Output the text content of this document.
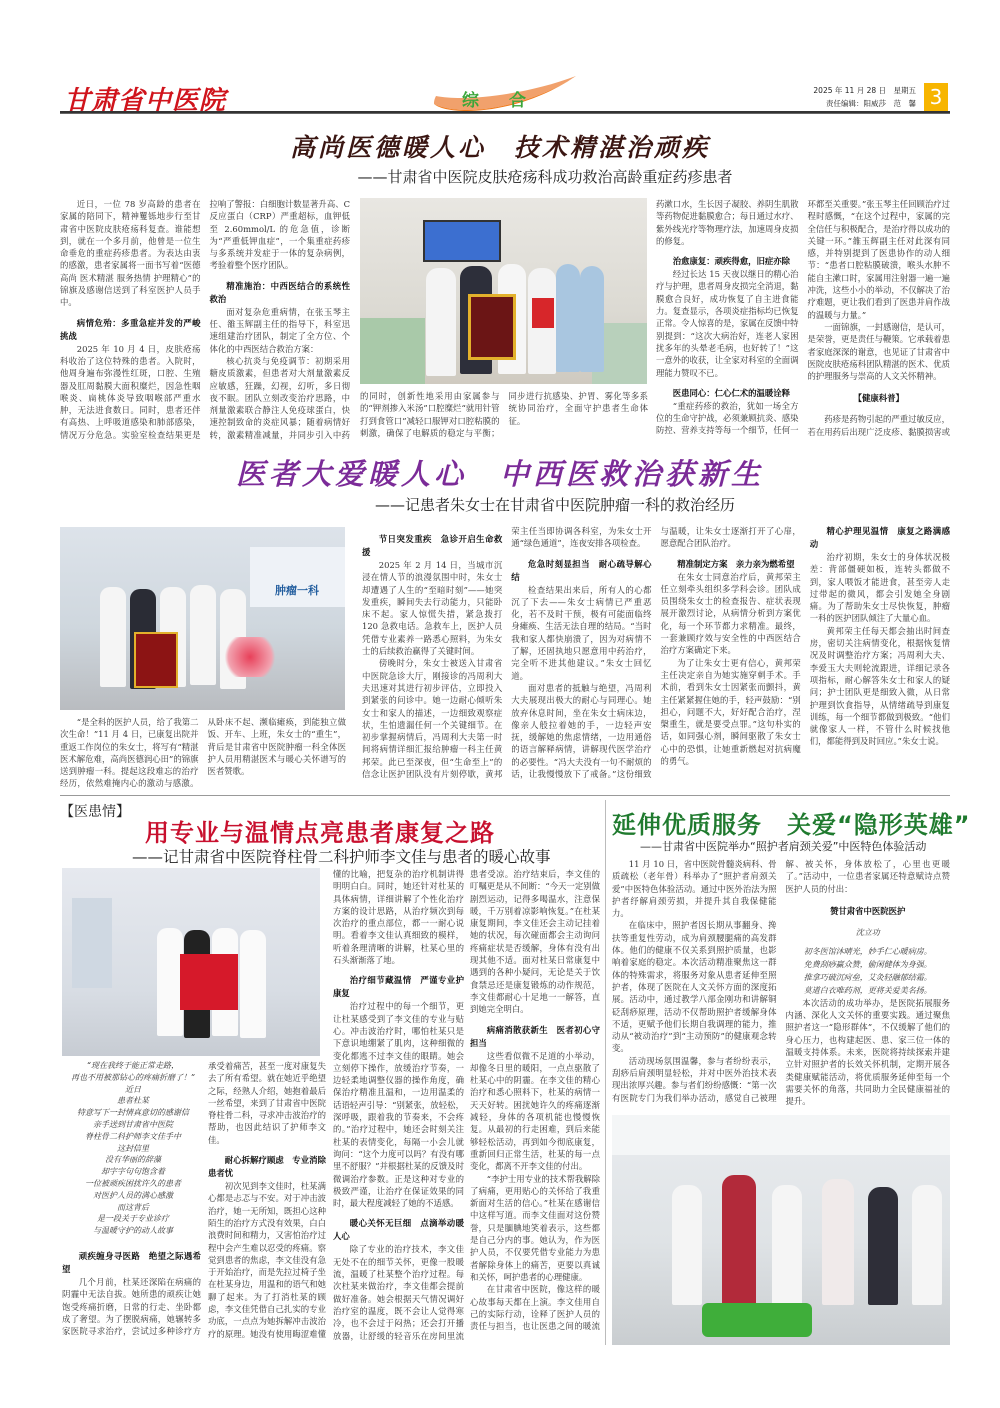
甘肃省中医院	综合
2025 年 11 月 28 日　星期五
责任编辑：阳威莎　范　馨 3
高尚医德暖人心　技术精湛治顽疾
——甘肃省中医院皮肤疮疡科成功救治高龄重症药疹患者

近日，一位 78 岁高龄的患者在家属的陪同下，精神矍铄地步行至甘肃省中医院皮肤疮疡科复查。谁能想到，就在一个多月前，他曾是一位生命垂危的重症药疹患者。为表达由衷的感激，患者家属将一面书写着“医德高尚 医术精湛 服务热情 护理精心”的锦旗及感谢信送到了科室医护人员手中。

病情危殆：多重急症并发的严峻挑战

2025 年 10 月 4 日，皮肤疮疡科收治了这位特殊的患者。入院时，他周身遍布弥漫性红斑，口腔、生殖器及肛周黏膜大面积糜烂，因急性咽喉炎、扁桃体炎导致咽喉部严重水肿，无法进食数日。同时，患者还伴有高热、上呼吸道感染和肺部感染，情况万分危急。实验室检查结果更是拉响了警报：白细胞计数显著升高、C 反应蛋白（CRP）严重超标，血钾低至 2.60mmol/L 的危急值，诊断为“严重低钾血症”，一个集重症药疹与多系统并发症于一体的复杂病例，考验着整个医疗团队。

精准施治：中西医结合的系统性救治

面对复杂危重病情，在张玉琴主任、雒玉辉副主任的指导下，科室迅速组建治疗团队，制定了全方位、个体化的中西医结合救治方案：

核心抗炎与免疫调节：初期采用糖皮质激素，但患者对大剂量激素反应敏感，狂躁，幻视，幻听，多日彻夜不眠。团队立刻改变治疗思路，中剂量激素联合静注人免疫球蛋白，快速控制致命的炎症风暴；随着病情好转，激素精准减量，并同步引入中药

的同时，创新性地采用由家属参与的“钾剂掺入米汤”口腔糜烂“就用针管打到食管口”减轻口服钾对口腔粘膜的刺激，确保了电解质的稳定与平衡；同步进行抗感染、护胃、雾化等多系统协同治疗，全面守护患者生命体征。

药漱口水，生长因子凝胶、养阴生肌散等药物促进黏膜愈合；每日通过水疗、紫外线光疗等物理疗法，加速周身皮损的修复。

治愈康复：顽疾得愈，旧症亦除

经过长达 15 天夜以继日的精心治疗与护理，患者周身皮损完全消退，黏膜愈合良好，成功恢复了自主进食能力。复查显示，各项炎症指标均已恢复正常。令人惊喜的是，家属在反馈中特别提到：“这次大病治好，连老人家困扰多年的头晕老毛病，也好转了！”这一意外的收获，让全家对科室的全面调理能力赞叹不已。

医患同心：仁心仁术的温暖诠释

“重症药疹的救治，犹如一场全方位的生命守护战，必须兼顾抗炎、感染防控、营养支持等每一个细节，任何一环都至关重要。”张玉琴主任回顾治疗过程时感慨，“在这个过程中，家属的完全信任与积极配合，是治疗得以成功的关键一环。”雒玉辉副主任对此深有同感，并特别提到了医患协作的动人细节：“患者口腔粘膜破溃，喉头水肿不能自主漱口时，家属用注射器一遍一遍冲洗，这些小小的举动，不仅解决了治疗难题，更让我们看到了医患并肩作战的温暖与力量。”

一面锦旗，一封感谢信，是认可，是荣誉，更是责任与鞭策。它承载着患者家庭深深的谢意，也见证了甘肃省中医院皮肤疮疡科团队精湛的医术、优质的护理服务与崇高的人文关怀精神。

【健康科普】

药疹是药物引起的严重过敏反应，若在用药后出现广泛皮疹、黏膜损害或

医者大爱暖人心　中西医救治获新生
——记患者朱女士在甘肃省中医院肿瘤一科的救治经历
肿瘤一科

“是全科的医护人员，给了我第二次生命！”11 月 4 日，已康复出院并重返工作岗位的朱女士，将写有“精湛医术解危难，高尚医德润心田”的锦旗送到肿瘤一科。提起这段难忘的治疗经历，依然难掩内心的激动与感激。从卧床不起、濒临瘫痪，到能独立做饭、开车、上班，朱女士的“重生”，背后是甘肃省中医院肿瘤一科全体医护人员用精湛医术与暖心关怀谱写的医者赞歌。

节日突发重疾　急诊开启生命救援

2025 年 2 月 14 日，当城市沉浸在情人节的浪漫氛围中时，朱女士却遭遇了人生的“至暗时刻”——她突发重疾，瞬间失去行动能力，只能卧床不起。家人惊慌失措，紧急拨打 120 急救电话。急救车上，医护人员凭借专业素养一路悉心照料，为朱女士的后续救治赢得了关键时间。

傍晚时分，朱女士被送入甘肃省中医院急诊大厅，刚接诊的冯周利大夫迅速对其进行初步评估，立即投入到紧张的问诊中。她一边耐心倾听朱女士和家人的描述，一边细致观察症状，生怕遗漏任何一个关键细节。在初步掌握病情后，冯周利大夫第一时间将病情详细汇报给肿瘤一科主任黄邦荣。此已至深夜，但“生命至上”的信念让医护团队没有片刻停歇，黄邦荣主任当即协调各科室，为朱女士开通“绿色通道”，连夜安排各项检查。

危急时刻显担当　耐心疏导解心结

检查结果出来后，所有人的心都沉了下去——朱女士病情已严重恶化，若不及时干预，极有可能面临终身瘫痪、生活无法自理的结局。“当时我和家人都快崩溃了，因为对病情不了解，还固执地只愿意用中药治疗，完全听不进其他建议。”朱女士回忆道。

面对患者的抵触与绝望，冯周利大夫展现出极大的耐心与同理心。她放弃休息时间，坐在朱女士病床边，像亲人般拉着她的手，一边轻声安抚，缓解她的焦虑情绪，一边用通俗的语言解释病情，讲解现代医学治疗的必要性。“冯大夫没有一句不耐烦的话，让我慢慢放下了戒备。”这份细致与温暖，让朱女士逐渐打开了心扉，愿意配合团队治疗。

精准制定方案　亲力亲为燃希望

在朱女士同意治疗后，黄邦荣主任立刻牵头组织多学科会诊。团队成员围绕朱女士的检查报告、症状表现展开激烈讨论，从病情分析到方案优化，每一个环节都力求精准。最终，一套兼顾疗效与安全性的中西医结合治疗方案确定下来。

为了让朱女士更有信心，黄邦荣主任决定亲自为她实施穿刺手术。手术前，看到朱女士因紧张而颤抖，黄主任紧紧握住她的手，轻声鼓励：“别担心，问题不大，好好配合治疗，涅槃重生，就是要受点罪。”这句朴实的话，如同强心剂，瞬间驱散了朱女士心中的恐惧，让她重新燃起对抗病魔的勇气。

精心护理见温情　康复之路满感动

治疗初期，朱女士的身体状况极差：背部僵硬如板，连转头都做不到，家人喂饭才能进食，甚至旁人走过带起的微风，都会引发她全身剧痛。为了帮助朱女士尽快恢复，肿瘤一科的医护团队倾注了大量心血。

黄邦荣主任每天都会抽出时间查房，密切关注病情变化，根据恢复情况及时调整治疗方案；冯周利大夫、李爱玉大夫则轮流跟进，详细记录各项指标，耐心解答朱女士和家人的疑问；护士团队更是细致入微，从日常护理到饮食指导，从情绪疏导到康复训练，每一个细节都做到极致。“他们就像家人一样，不管什么时候找他们，都能得到及时回应。”朱女士说。

【医患情】
用专业与温情点亮患者康复之路
——记甘肃省中医院脊柱骨二科护师李文佳与患者的暖心故事
“现在我终于能正常走路，
再也不用被那钻心的疼痛折磨了！”
近日
患者杜某
特意写下一封情真意切的感谢信
亲手送到甘肃省中医院
脊柱骨二科护师李文佳手中
这封信里
没有华丽的辞藻
却字字句句饱含着
一位被顽疾困扰许久的患者
对医护人员的满心感激
而这背后
是一段关于专业诊疗
与温暖守护的动人故事
顽疾缠身寻医路　绝望之际遇希望

几个月前，杜某还深陷在病痛的阴霾中无法自拔。她所患的顽疾让她饱受疼痛折磨，日常的行走、坐卧都成了奢望。为了摆脱病痛，她辗转多家医院寻求治疗，尝试过多种诊疗方

承受着痛苦，甚至一度对康复失去了所有希望。就在她近乎绝望之际，经熟人介绍，她抱着最后一丝希望，来到了甘肃省中医院脊柱骨二科，寻求冲击波治疗的帮助，也因此结识了护师李文佳。

耐心拆解疗顾虑　专业消除患者忧

初次见到李文佳时，杜某满心都是忐忑与不安。对于冲击波治疗，她一无所知，既担心这种陌生的治疗方式没有效果，白白浪费时间和精力，又害怕治疗过程中会产生难以忍受的疼痛。察觉到患者的焦虑，李文佳没有急于开始治疗，而是先拉过椅子坐在杜某身边，用温和的语气和她聊了起来。为了打消杜某的顾虑，李文佳凭借自己扎实的专业功底，一点点为她拆解冲击波治疗的原理。她没有使用晦涩难懂

懂的比喻，把复杂的治疗机制讲得明明白白。同时，她还针对杜某的具体病情，详细讲解了个性化治疗方案的设计思路，从治疗频次到每次治疗的重点部位，都一一耐心说明。看着李文佳认真细致的模样，听着条理清晰的讲解，杜某心里的石头渐渐落了地。

治疗细节藏温情　严谨专业护康复

治疗过程中的每一个细节，更让杜某感受到了李文佳的专业与贴心。冲击波治疗时，哪怕杜某只是下意识地绷紧了肌肉，这种细微的变化都逃不过李文佳的眼睛。她会立刻停下操作，放缓治疗节奏，一边轻柔地调整仪器的操作角度，确保治疗精准且温和，一边用温柔的话语轻声引导：“别紧张，放轻松，深呼吸，跟着我的节奏来，不会疼的。”治疗过程中，她还会时刻关注杜某的表情变化，每隔一小会儿就询问：“这个力度可以吗？有没有哪里不舒服？”并根据杜某的反馈及时微调治疗参数。正是这种对专业的极致严谨，让治疗在保证效果的同时，最大程度减轻了她的不适感。

暖心关怀无巨细　点滴举动暖人心

除了专业的治疗技术，李文佳无处不在的细节关怀，更像一股暖流，温暖了杜某整个治疗过程。每次杜某来做治疗，李文佳都会提前做好准备。她会根据天气情况调好治疗室的温度，既不会让人觉得寒冷，也不会过于闷热；还会打开播放器，让舒缓的轻音乐在房间里流

患者受凉。治疗结束后，李文佳的叮嘱更是从不间断：“今天一定别做剧烈运动，记得多喝温水，注意保暖，千万别着凉影响恢复。”在杜某康复期间，李文佳还会主动记挂着她的状况，每次碰面都会主动询问疼痛症状是否缓解，身体有没有出现其他不适。面对杜某日常康复中遇到的各种小疑问，无论是关于饮食禁忌还是康复锻炼的动作规范，李文佳都耐心十足地一一解答，直到她完全明白。

病痛消散获新生　医者初心守担当

这些看似微不足道的小举动，却像冬日里的暖阳，一点点驱散了杜某心中的阴霾。在李文佳的精心治疗和悉心照料下，杜某的病情一天天好转。困扰她许久的疼痛逐渐减轻，身体的各项机能也慢慢恢复。从最初的行走困难，到后来能够轻松活动，再到如今彻底康复，重新回归正常生活，杜某的每一点变化，都离不开李文佳的付出。

“李护士用专业的技术帮我解除了病痛，更用贴心的关怀给了我重新面对生活的信心。”杜某在感谢信中这样写道。而李文佳面对这份赞誉，只是腼腆地笑着表示，这些都是自己分内的事。她认为，作为医护人员，不仅要凭借专业能力为患者解除身体上的痛苦，更要以真诚和关怀，呵护患者的心理健康。

在甘肃省中医院，像这样的暖心故事每天都在上演。李文佳用自己的实际行动，诠释了医护人员的责任与担当，也让医患之间的暖流

延伸优质服务　关爱“隐形英雄”
——甘肃省中医院举办“照护者肩颈关爱”中医特色体验活动

11 月 10 日，省中医院骨髓炎病科、骨质疏松（老年骨）科举办了“照护者肩颈关爱”中医特色体验活动。通过中医外治法为照护者纾解肩颈劳损，并提升其自我保健能力。

在临床中，照护者因长期从事翻身、搀扶等重复性劳动，成为肩颈腰腿痛的高发群体。他们的健康不仅关系到照护质量，也影响着家庭的稳定。本次活动精准聚焦这一群体的特殊需求，将服务对象从患者延伸至照护者，体现了医院在人文关怀方面的深度拓展。活动中，通过教学八部金刚功和讲解铜砭刮痧原理，活动不仅帮助照护者缓解身体不适，更赋予他们长期自我调理的能力，推动从“被动治疗”到“主动预防”的健康观念转变。

活动现场氛围温馨，参与者纷纷表示，刮痧后肩颈明显轻松，并对中医外治技术表现出浓厚兴趣。参与者们纷纷感慨：“第一次有医院专门为我们举办活动，感觉自己被理解、被关怀，身体放松了，心里也更暖了。”活动中，一位患者家属还特意赋诗点赞医护人员的付出：

赞甘肃省中医院医护
沈立功
初冬医馆沐晴光，妙手仁心暖病房。
免费刮痧赢众赞，偷闲健体为身强。
推拿巧破沉疴垒，艾灸轻融郁结霜。
莫道白衣唯药剂，更将关爱美名扬。

本次活动的成功举办，是医院拓展服务内涵、深化人文关怀的重要实践。通过聚焦照护者这一“隐形群体”，不仅缓解了他们的身心压力，也构建起医、患、家三位一体的温暖支持体系。未来，医院将持续探索并建立针对照护者的长效关怀机制，定期开展各类健康赋能活动，将优质服务延伸至每一个需要关怀的角落，共同助力全民健康福祉的提升。
